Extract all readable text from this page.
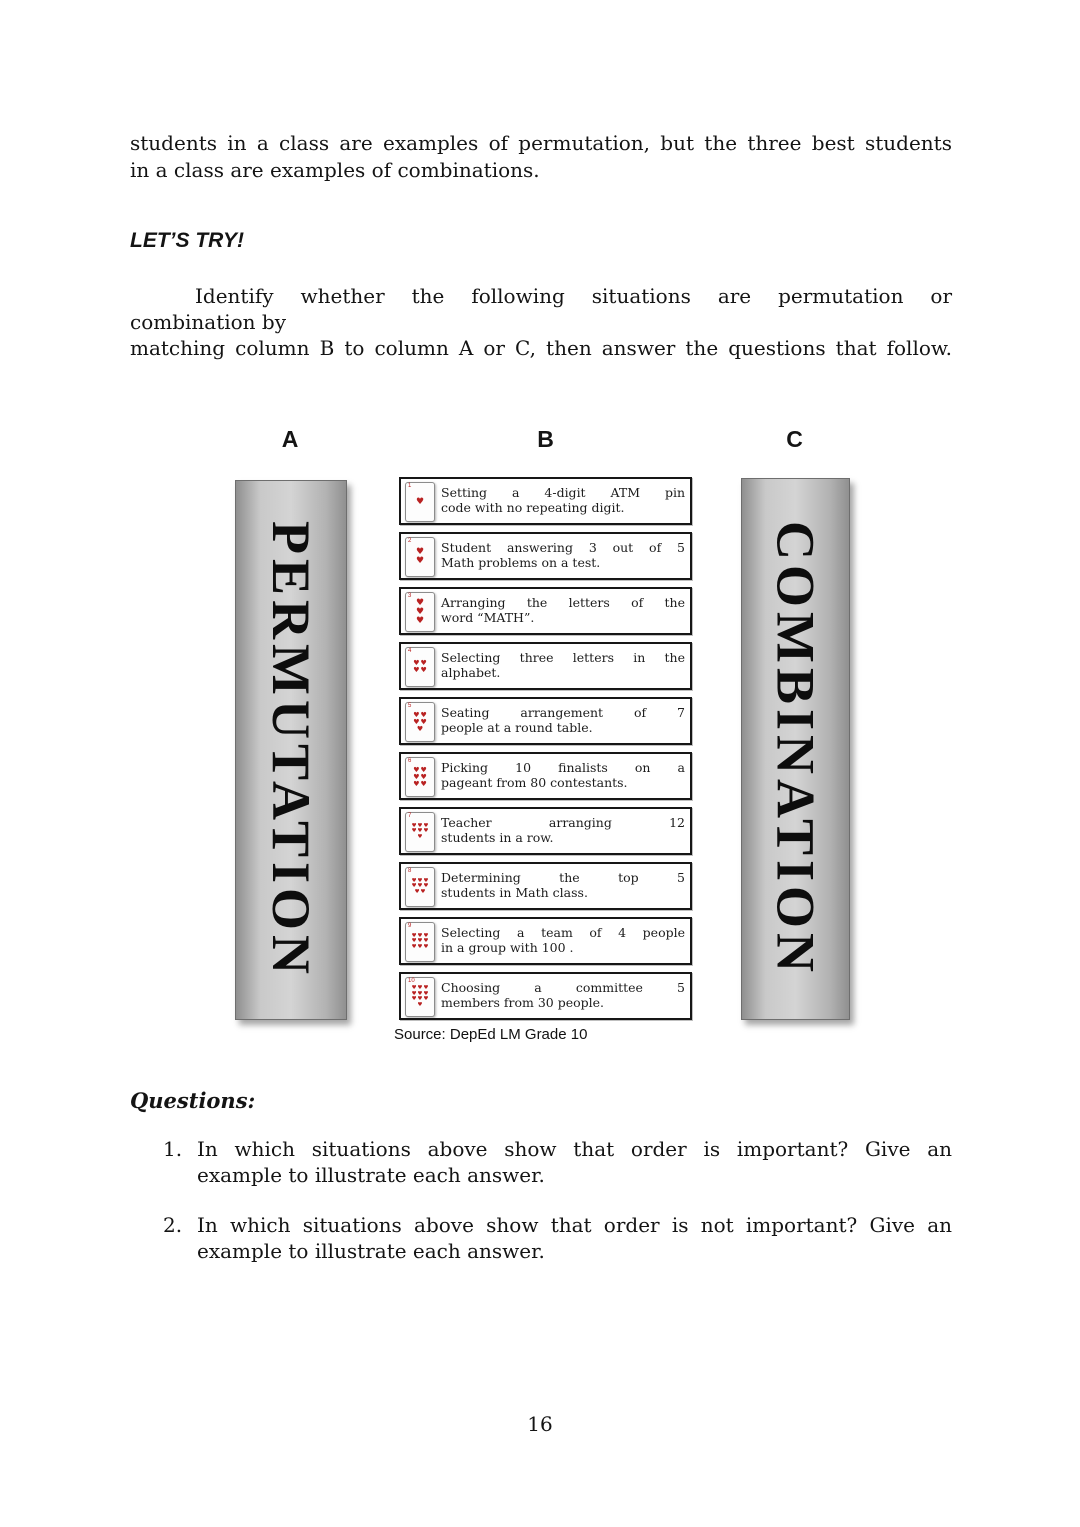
students in a class are examples of permutation, but the three best students
in a class are examples of combinations.
LET’S TRY!
Identify whether the following situations are permutation or
combination by
matching column B to column A or C, then answer the questions that follow.
A	B	C
PERMUTATION
1
♥
Setting a 4-digit ATM pin
code with no repeating digit.
2
♥
♥
Student answering 3 out of 5
Math problems on a test.
3
♥
♥
♥
Arranging the letters of the
word “MATH”.
4
♥ ♥
♥ ♥
Selecting three letters in the
alphabet.
5
♥ ♥
♥ ♥
♥
Seating arrangement of 7
people at a round table.
6
♥ ♥
♥ ♥
♥ ♥
Picking 10 finalists on a
pageant from 80 contestants.
7
♥ ♥ ♥
♥ ♥ ♥
♥
Teacher arranging 12
students in a row.
8
♥ ♥ ♥
♥ ♥ ♥
♥ ♥
Determining the top 5
students in Math class.
9
♥ ♥ ♥
♥ ♥ ♥
♥ ♥ ♥
Selecting a team of 4 people
in a group with 100 .
10
♥ ♥ ♥
♥ ♥ ♥
♥ ♥ ♥
♥
Choosing a committee 5
members from 30 people.
COMBINATION
Source: DepEd LM Grade 10
Questions:
1. In which situations above show that order is important? Give an
example to illustrate each answer.
2. In which situations above show that order is not important? Give an
example to illustrate each answer.
16
